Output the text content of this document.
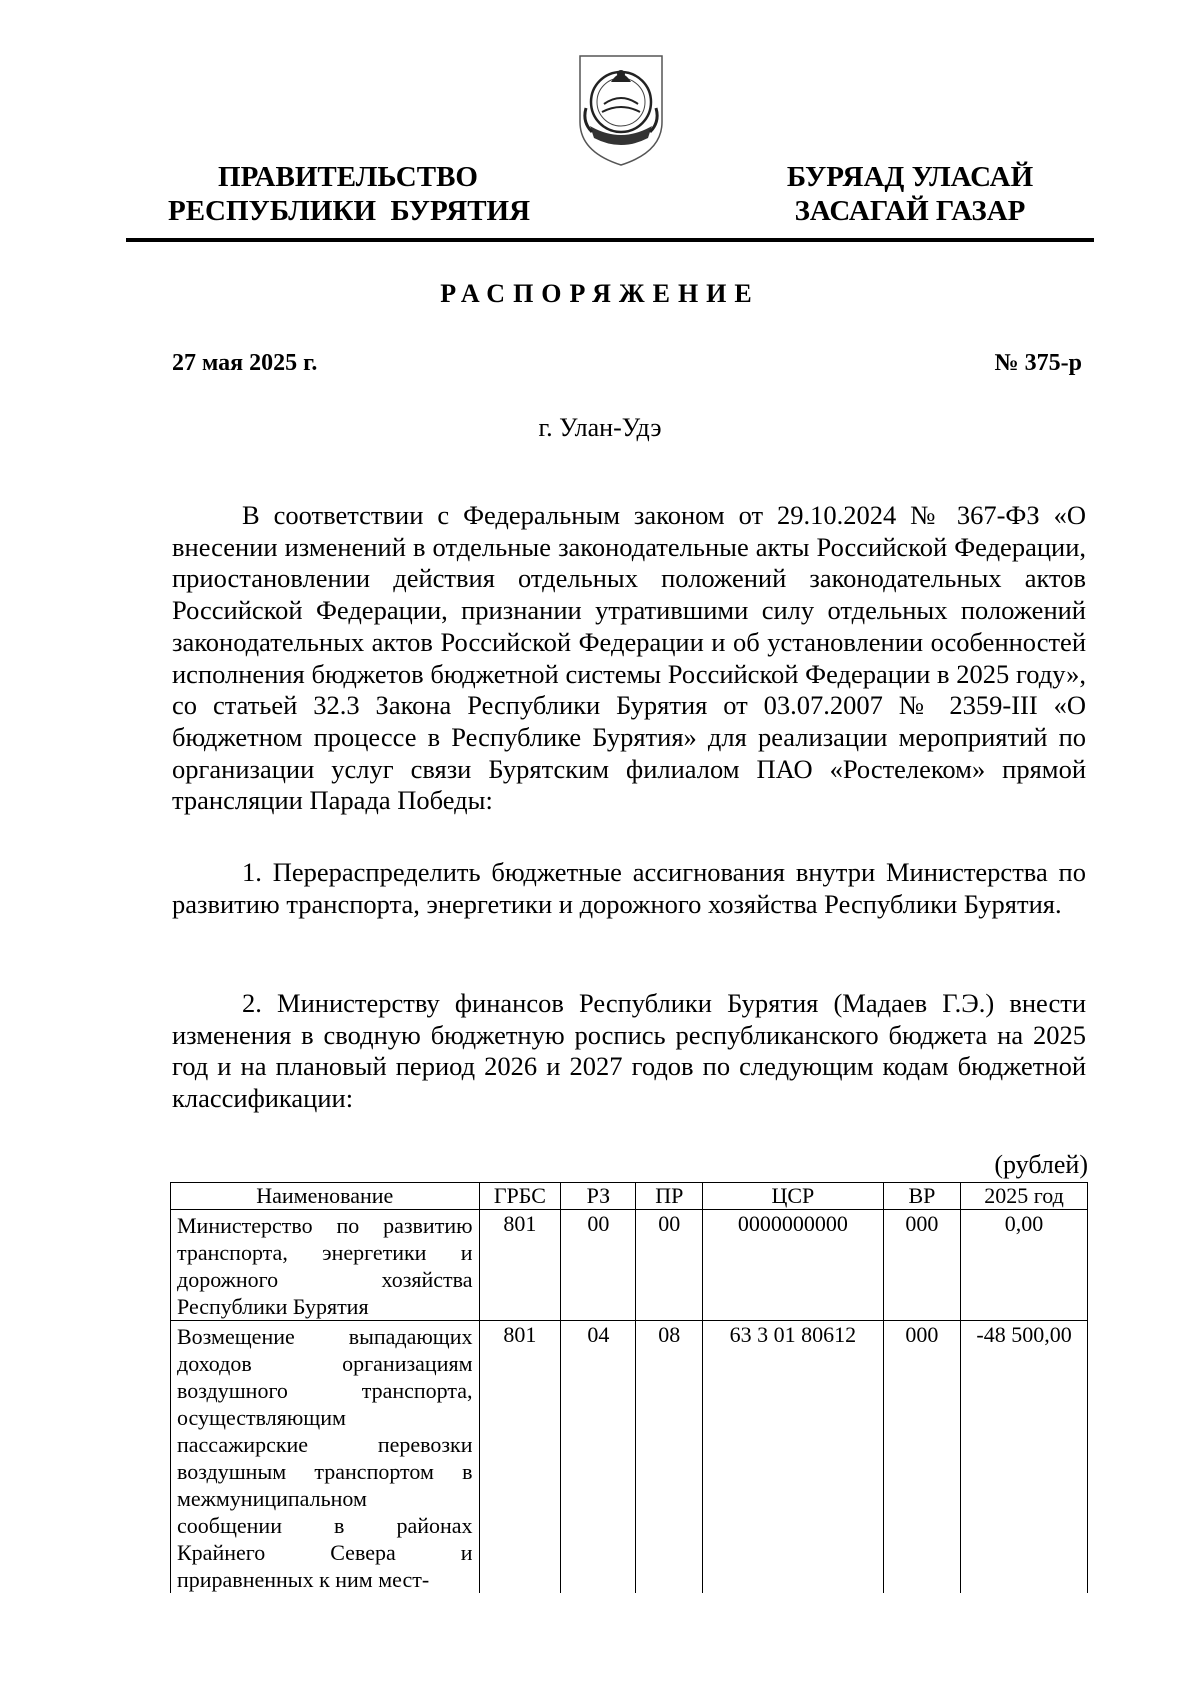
ПРАВИТЕЛЬСТВО
РЕСПУБЛИКИ  БУРЯТИЯ
БУРЯАД УЛАСАЙ
ЗАСАГАЙ ГАЗАР
РАСПОРЯЖЕНИЕ
27 мая 2025 г.	№ 375-р
г. Улан-Удэ

В соответствии с Федеральным законом от 29.10.2024 № 367-ФЗ «О внесении изменений в отдельные законодательные акты Российской Федерации, приостановлении действия отдельных положений законодательных актов Российской Федерации, признании утратившими силу отдельных положений законодательных актов Российской Федерации и об установлении особенностей исполнения бюджетов бюджетной системы Российской Федерации в 2025 году», со статьей 32.3 Закона Республики Бурятия от 03.07.2007 № 2359-III «О бюджетном процессе в Республике Бурятия» для реализации мероприятий по организации услуг связи Бурятским филиалом ПАО «Ростелеком» прямой трансляции Парада Победы:

1. Перераспределить бюджетные ассигнования внутри Министерства по развитию транспорта, энергетики и дорожного хозяйства Республики Бурятия.

2. Министерству финансов Республики Бурятия (Мадаев Г.Э.) внести изменения в сводную бюджетную роспись республиканского бюджета на 2025 год и на плановый период 2026 и 2027 годов по следующим кодам бюджетной классификации:

(рублей)
Наименование	ГРБС	РЗ	ПР	ЦСР	ВР	2025 год
Министерство по развитию транспорта, энергетики и дорожного хозяйства Республики Бурятия	801	00	00	0000000000	000	0,00
Возмещение выпадающих доходов организациям воздушного транспорта, осуществляющим пассажирские перевозки воздушным транспортом в межмуниципальном сообщении в районах Крайнего Севера и приравненных к ним мест-	801	04	08	63 3 01 80612	000	-48 500,00
